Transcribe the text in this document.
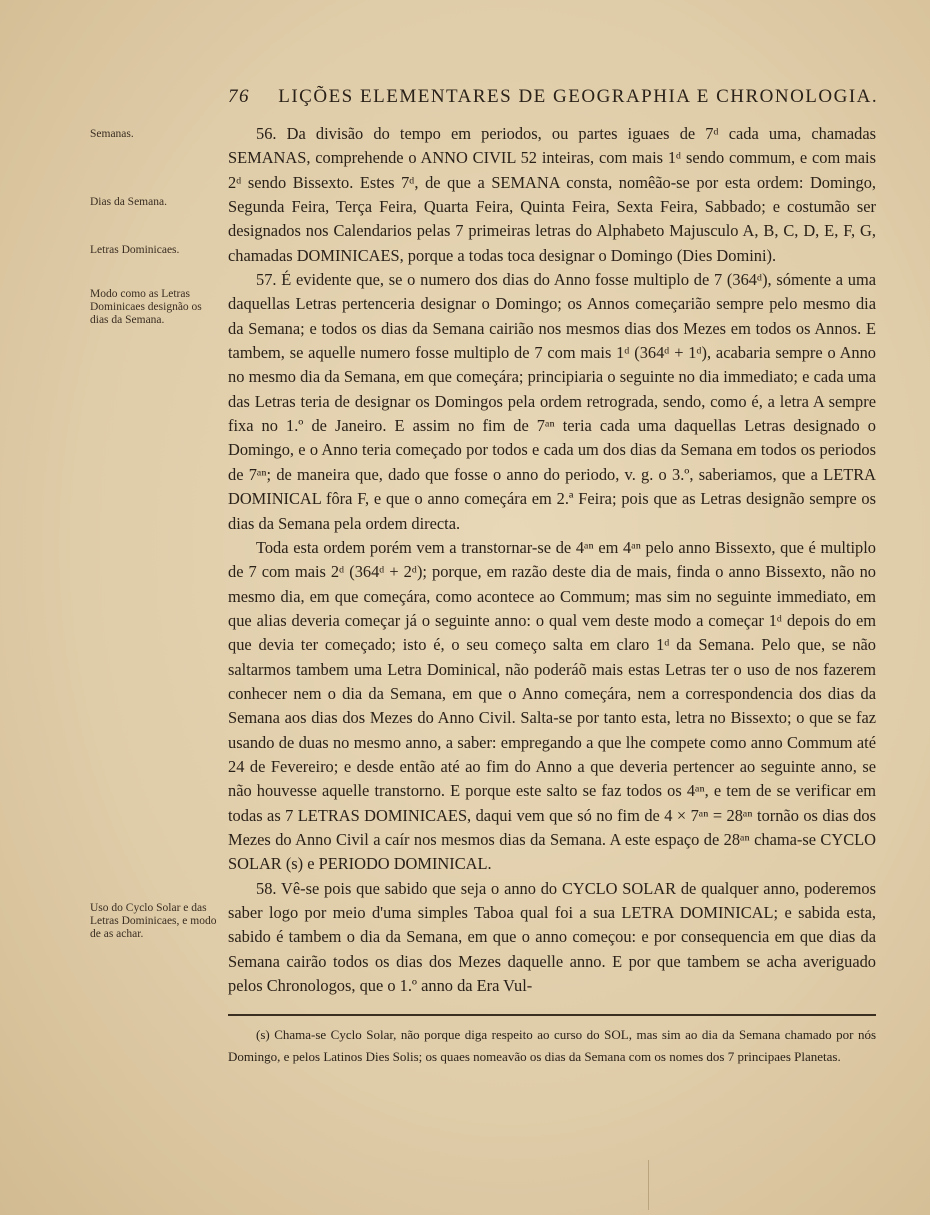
76 LIÇÕES ELEMENTARES DE GEOGRAPHIA E CHRONOLOGIA.
Semanas.
Dias da Semana.
Letras Dominicaes.
Modo como as Letras Dominicaes designão os dias da Semana.
Uso do Cyclo Solar e das Letras Dominicaes, e modo de as achar.

56. Da divisão do tempo em periodos, ou partes iguaes de 7ᵈ cada uma, chamadas SEMANAS, comprehende o ANNO CIVIL 52 inteiras, com mais 1ᵈ sendo commum, e com mais 2ᵈ sendo Bissexto. Estes 7ᵈ, de que a SEMANA consta, nomêão-se por esta ordem: Domingo, Segunda Feira, Terça Feira, Quarta Feira, Quinta Feira, Sexta Feira, Sabbado; e costumão ser designados nos Calendarios pelas 7 primeiras letras do Alphabeto Majusculo A, B, C, D, E, F, G, chamadas DOMINICAES, porque a todas toca designar o Domingo (Dies Domini).

57. É evidente que, se o numero dos dias do Anno fosse multiplo de 7 (364ᵈ), sómente a uma daquellas Letras pertenceria designar o Domingo; os Annos começarião sempre pelo mesmo dia da Semana; e todos os dias da Semana cairião nos mesmos dias dos Mezes em todos os Annos. E tambem, se aquelle numero fosse multiplo de 7 com mais 1ᵈ (364ᵈ + 1ᵈ), acabaria sempre o Anno no mesmo dia da Semana, em que começára; principiaria o seguinte no dia immediato; e cada uma das Letras teria de designar os Domingos pela ordem retrograda, sendo, como é, a letra A sempre fixa no 1.º de Janeiro. E assim no fim de 7ᵃⁿ teria cada uma daquellas Letras designado o Domingo, e o Anno teria começado por todos e cada um dos dias da Semana em todos os periodos de 7ᵃⁿ; de maneira que, dado que fosse o anno do periodo, v. g. o 3.º, saberiamos, que a LETRA DOMINICAL fôra F, e que o anno começára em 2.ª Feira; pois que as Letras designão sempre os dias da Semana pela ordem directa.

Toda esta ordem porém vem a transtornar-se de 4ᵃⁿ em 4ᵃⁿ pelo anno Bissexto, que é multiplo de 7 com mais 2ᵈ (364ᵈ + 2ᵈ); porque, em razão deste dia de mais, finda o anno Bissexto, não no mesmo dia, em que começára, como acontece ao Commum; mas sim no seguinte immediato, em que alias deveria começar já o seguinte anno: o qual vem deste modo a começar 1ᵈ depois do em que devia ter começado; isto é, o seu começo salta em claro 1ᵈ da Semana. Pelo que, se não saltarmos tambem uma Letra Dominical, não poderáõ mais estas Letras ter o uso de nos fazerem conhecer nem o dia da Semana, em que o Anno começára, nem a correspondencia dos dias da Semana aos dias dos Mezes do Anno Civil. Salta-se por tanto esta, letra no Bissexto; o que se faz usando de duas no mesmo anno, a saber: empregando a que lhe compete como anno Commum até 24 de Fevereiro; e desde então até ao fim do Anno a que deveria pertencer ao seguinte anno, se não houvesse aquelle transtorno. E porque este salto se faz todos os 4ᵃⁿ, e tem de se verificar em todas as 7 LETRAS DOMINICAES, daqui vem que só no fim de 4 × 7ᵃⁿ = 28ᵃⁿ tornão os dias dos Mezes do Anno Civil a caír nos mesmos dias da Semana. A este espaço de 28ᵃⁿ chama-se CYCLO SOLAR (s) e PERIODO DOMINICAL.

58. Vê-se pois que sabido que seja o anno do CYCLO SOLAR de qualquer anno, poderemos saber logo por meio d'uma simples Taboa qual foi a sua LETRA DOMINICAL; e sabida esta, sabido é tambem o dia da Semana, em que o anno começou: e por consequencia em que dias da Semana cairão todos os dias dos Mezes daquelle anno. E por que tambem se acha averiguado pelos Chronologos, que o 1.º anno da Era Vul-

(s) Chama-se Cyclo Solar, não porque diga respeito ao curso do SOL, mas sim ao dia da Semana chamado por nós Domingo, e pelos Latinos Dies Solis; os quaes nomeavão os dias da Semana com os nomes dos 7 principaes Planetas.
